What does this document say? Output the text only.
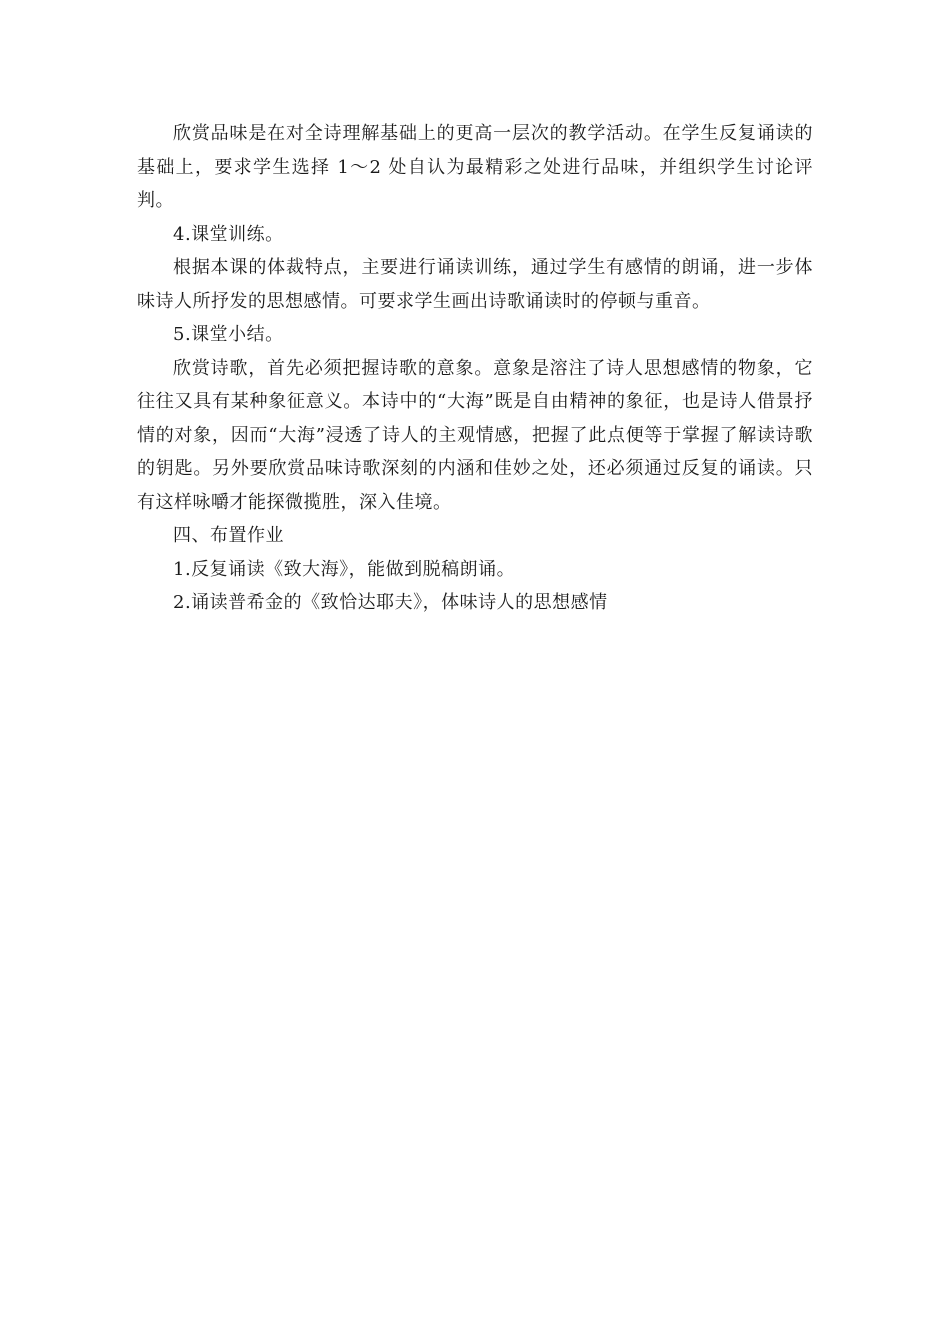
欣赏品味是在对全诗理解基础上的更高一层次的教学活动。在学生反复诵读的基础上，要求学生选择 1～2 处自认为最精彩之处进行品味，并组织学生讨论评判。

4.课堂训练。

根据本课的体裁特点，主要进行诵读训练，通过学生有感情的朗诵，进一步体味诗人所抒发的思想感情。可要求学生画出诗歌诵读时的停顿与重音。

5.课堂小结。

欣赏诗歌，首先必须把握诗歌的意象。意象是溶注了诗人思想感情的物象，它往往又具有某种象征意义。本诗中的“大海”既是自由精神的象征，也是诗人借景抒情的对象，因而“大海”浸透了诗人的主观情感，把握了此点便等于掌握了解读诗歌的钥匙。另外要欣赏品味诗歌深刻的内涵和佳妙之处，还必须通过反复的诵读。只有这样咏嚼才能探微揽胜，深入佳境。

四、布置作业

1.反复诵读《致大海》，能做到脱稿朗诵。

2.诵读普希金的《致恰达耶夫》，体味诗人的思想感情
